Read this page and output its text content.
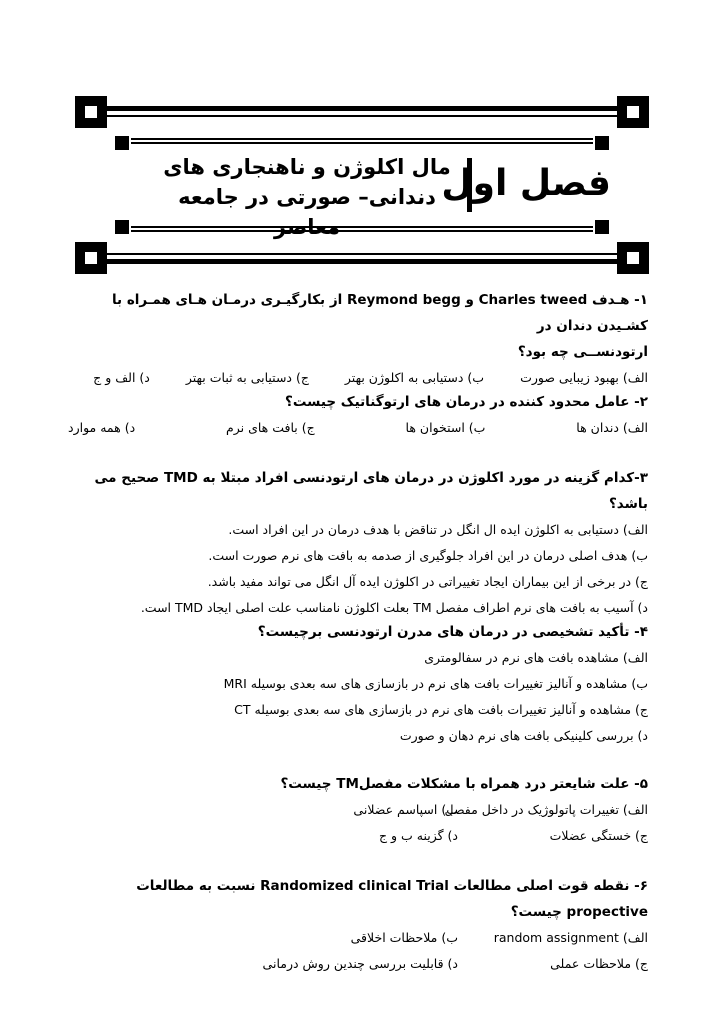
فصل اول
مال اکلوژن و ناهنجاری های
دندانی– صورتی در جامعه معاصر
۱- هـدف Charles tweed و Reymond begg از بکارگیـری درمـان هـای همـراه با کشـیدن دندان در
ارتودنســی چه بود؟
الف) بهبود زیبایی صورت
ب) دستیابی به اکلوژن بهتر
ج) دستیابی به ثبات بهتر
د) الف و ج
۲- عامل محدود کننده در درمان های ارتوگناتیک چیست؟
الف) دندان ها
ب) استخوان ها
ج) بافت های نرم
د) همه موارد
۳-کدام گزینه در مورد اکلوژن در درمان های ارتودنسی افراد مبتلا به TMD صحیح می باشد؟
الف) دستیابی به اکلوژن ایده ال انگل در تناقض با هدف درمان در این افراد است.
ب) هدف اصلی درمان در این افراد جلوگیری از صدمه به بافت های نرم صورت است.
ج) در برخی از این بیماران ایجاد تغییراتی در اکلوژن ایده آل انگل می تواند مفید باشد.
د) آسیب به بافت های نرم اطراف مفصل TM بعلت اکلوژن نامناسب علت اصلی ایجاد TMD است.
۴- تأکید تشخیصی در درمان های مدرن ارتودنسی برچیست؟
الف) مشاهده بافت های نرم در سفالومتری
ب) مشاهده و آنالیز تغییرات بافت های نرم در بازسازی های سه بعدی بوسیله MRI
ج) مشاهده و آنالیز تغییرات بافت های نرم در بازسازی های سه بعدی بوسیله CT
د) بررسی کلینیکی بافت های نرم دهان و صورت
۵- علت شایعتر درد همراه با مشکلات مفصلTM چیست؟
الف) تغییرات پاتولوژیک در داخل مفصل
ب) اسپاسم عضلانی
ج) خستگی عضلات
د) گزینه ب و ج
۶- نقطه قوت اصلی مطالعات Randomized clinical Trial نسبت به مطالعات propective چیست؟
الف) random assignment
ب) ملاحظات اخلاقی
ج) ملاحظات عملی
د) قابلیت بررسی چندین روش درمانی
